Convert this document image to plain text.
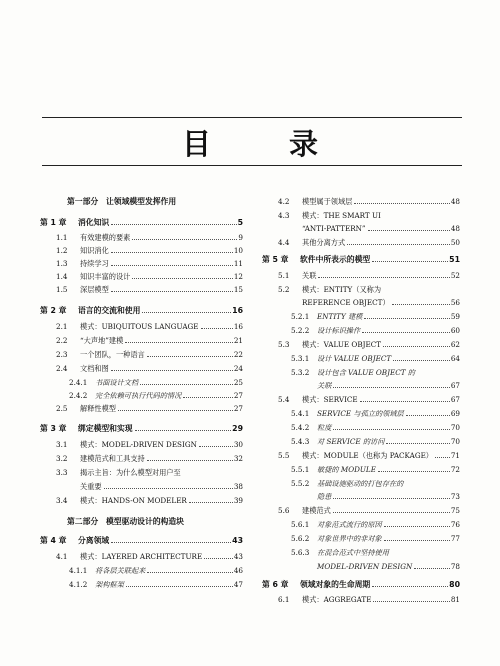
目 录
第一部分　让领域模型发挥作用
第 1 章	消化知识	5
1.1	有效建模的要素	9
1.2	知识消化	10
1.3	持续学习	11
1.4	知识丰富的设计	12
1.5	深层模型	15
第 2 章	语言的交流和使用	16
2.1	模式：UBIQUITOUS LANGUAGE	16
2.2	“大声地”建模	21
2.3	一个团队，一种语言	22
2.4	文档和图	24
2.4.1	书面设计文档	25
2.4.2	完全依赖可执行代码的情况	27
2.5	解释性模型	27
第 3 章	绑定模型和实现	29
3.1	模式：MODEL-DRIVEN DESIGN	30
3.2	建模范式和工具支持	32
3.3	揭示主旨：为什么模型对用户至
关重要	38
3.4	模式：HANDS-ON MODELER	39
第二部分　模型驱动设计的构造块
第 4 章	分离领域	43
4.1	模式：LAYERED ARCHITECTURE	43
4.1.1	将各层关联起来	46
4.1.2	架构框架	47
4.2	模型属于领域层	48
4.3	模式：THE SMART UI
“ANTI-PATTERN”	48
4.4	其他分离方式	50
第 5 章	软件中所表示的模型	51
5.1	关联	52
5.2	模式：ENTITY（又称为
REFERENCE OBJECT）	56
5.2.1	ENTITY 建模	59
5.2.2	设计标识操作	60
5.3	模式：VALUE OBJECT	62
5.3.1	设计 VALUE OBJECT	64
5.3.2	设计包含 VALUE OBJECT 的
关联	67
5.4	模式：SERVICE	67
5.4.1	SERVICE 与孤立的领域层	69
5.4.2	粒度	70
5.4.3	对 SERVICE 的访问	70
5.5	模式：MODULE（也称为 PACKAGE） 71
5.5.1	敏捷的 MODULE	72
5.5.2	基础设施驱动的打包存在的
隐患	73
5.6	建模范式	75
5.6.1	对象范式流行的原因	76
5.6.2	对象世界中的非对象	77
5.6.3	在混合范式中坚持使用
MODEL-DRIVEN DESIGN	78
第 6 章	领域对象的生命周期	80
6.1	模式：AGGREGATE	81
